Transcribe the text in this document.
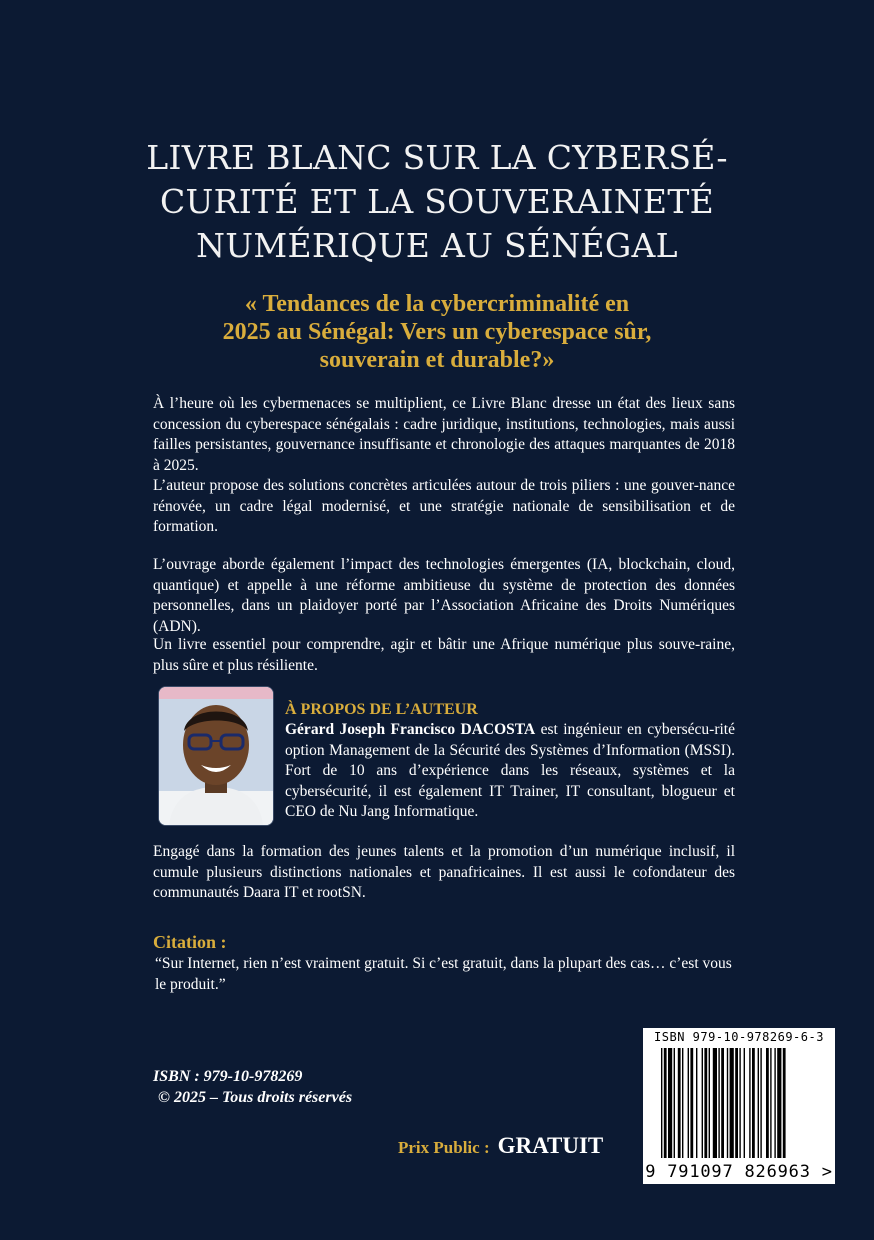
LIVRE BLANC SUR LA CYBERSÉ-
CURITÉ ET LA SOUVERAINETÉ
NUMÉRIQUE AU SÉNÉGAL
« Tendances de la cybercriminalité en
2025 au Sénégal: Vers un cyberespace sûr,
souverain et durable?»

À l’heure où les cybermenaces se multiplient, ce Livre Blanc dresse un état des lieux sans concession du cyberespace sénégalais : cadre juridique, institutions, technologies, mais aussi failles persistantes, gouvernance insuffisante et chronologie des attaques marquantes de 2018 à 2025.

L’auteur propose des solutions concrètes articulées autour de trois piliers : une gouver-nance rénovée, un cadre légal modernisé, et une stratégie nationale de sensibilisation et de formation.

L’ouvrage aborde également l’impact des technologies émergentes (IA, blockchain, cloud, quantique) et appelle à une réforme ambitieuse du système de protection des données personnelles, dans un plaidoyer porté par l’Association Africaine des Droits Numériques (ADN).

Un livre essentiel pour comprendre, agir et bâtir une Afrique numérique plus souve-raine, plus sûre et plus résiliente.

À PROPOS DE L’AUTEUR

Gérard Joseph Francisco DACOSTA est ingénieur en cybersécu-rité option Management de la Sécurité des Systèmes d’Information (MSSI). Fort de 10 ans d’expérience dans les réseaux, systèmes et la cybersécurité, il est également IT Trainer, IT consultant, blogueur et CEO de Nu Jang Informatique.

Engagé dans la formation des jeunes talents et la promotion d’un numérique inclusif, il cumule plusieurs distinctions nationales et panafricaines. Il est aussi le cofondateur des communautés Daara IT et rootSN.

Citation :

“Sur Internet, rien n’est vraiment gratuit. Si c’est gratuit, dans la plupart des cas… c’est vous le produit.”

ISBN : 979-10-978269
© 2025 – Tous droits réservés
Prix Public : GRATUIT
ISBN 979-10-978269-6-3
9 791097 826963 >
